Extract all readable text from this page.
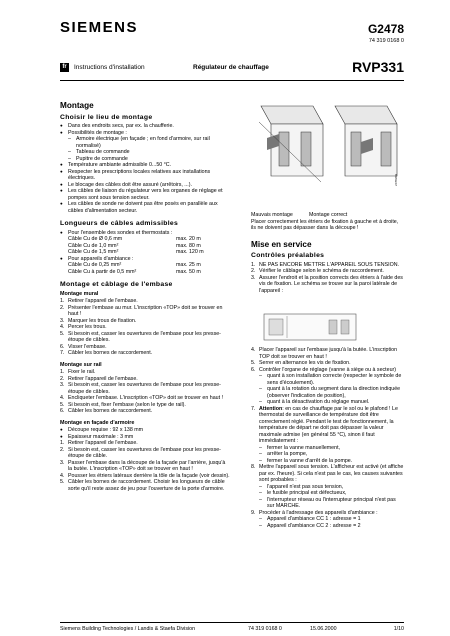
SIEMENS	G2478
74 319 0168 0
fr	Instructions d'installation	Régulateur de chauffage	RVP331
Montage
Choisir le lieu de montage
● Dans des endroits secs, par ex. la chaufferie.
● Possibilités de montage :
– Armoire électrique (en façade ; en fond d'armoire, sur rail normalisé)
– Tableau de commande
– Pupitre de commande
● Température ambiante admissible 0...50 °C.
● Respecter les prescriptions locales relatives aux installations électriques.
● Le blocage des câbles doit être assuré (arrêtoirs, ...).
● Les câbles de liaison du régulateur vers les organes de réglage et pompes sont sous tension secteur.
● Les câbles de sonde ne doivent pas être posés en parallèle aux câbles d'alimentation secteur.
Longueurs de câbles admissibles
● Pour l'ensemble des sondes et thermostats :
Câble Cu de Ø 0,6 mm	max. 20 m
Câble Cu de 1,0 mm²	max. 80 m
Câble Cu de 1,5 mm²	max. 120 m
● Pour appareils d'ambiance :
Câble Cu de 0,25 mm²	max. 25 m
Câble Cu à partir de 0,5 mm²	max. 50 m
Montage et câblage de l'embase
Montage mural
1. Retirer l'appareil de l'embase.
2. Présenter l'embase au mur. L'inscription «TOP» doit se trouver en haut !
3. Marquer les trous de fixation.
4. Percer les trous.
5. Si besoin est, casser les ouvertures de l'embase pour les presse-étoupe de câbles.
6. Visser l'embase.
7. Câbler les bornes de raccordement.
Montage sur rail
1. Fixer le rail.
2. Retirer l'appareil de l'embase.
3. Si besoin est, casser les ouvertures de l'embase pour les presse-étoupe de câbles.
4. Encliqueter l'embase. L'inscription «TOP» doit se trouver en haut !
5. Si besoin est, fixer l'embase (selon le type de rail).
6. Câbler les bornes de raccordement.
Montage en façade d'armoire
● Découpe requise : 92 x 138 mm
● Epaisseur maximale : 3 mm
1. Retirer l'appareil de l'embase.
2. Si besoin est, casser les ouvertures de l'embase pour les presse-étoupe de câble.
3. Passer l'embase dans la découpe de la façade par l'arrière, jusqu'à la butée. L'inscription «TOP» doit se trouver en haut !
4. Pousser les étriers latéraux derrière la tôle de la façade (voir dessin).
5. Câbler les bornes de raccordement. Choisir les longueurs de câble sorte qu'il reste assez de jeu pour l'ouverture de la porte d'armoire.
2478Z09
Mauvais montage	Montage correct
Placer correctement les étriers de fixation à gauche et à droite, ils ne doivent pas dépasser dans la découpe !
Mise en service
Contrôles préalables
1. NE PAS ENCORE METTRE L'APPAREIL SOUS TENSION.
2. Vérifier le câblage selon le schéma de raccordement.
3. Assurer l'endroit et la position corrects des étriers à l'aide des vis de fixation. Le schéma se trouve sur la paroi latérale de l'appareil :
4. Placer l'appareil sur l'embase jusqu'à la butée. L'inscription TOP doit se trouver en haut !
5. Serrer en alternance les vis de fixation.
6. Contrôler l'organe de réglage (vanne à siège ou à secteur)
– quant à son installation correcte (respecter le symbole de sens d'écoulement).
– quant à la rotation du segment dans la direction indiquée (observer l'indication de position),
– quant à la désactivation du réglage manuel.
7. Attention: en cas de chauffage par le sol ou le plafond ! Le thermostat de surveillance de température doit être correctement réglé. Pendant le test de fonctionnement, la température de départ ne doit pas dépasser la valeur maximale admise (en général 55 °C), sinon il faut immédiatement :
– fermer la vanne manuellement,
– arrêter la pompe,
– fermer la vanne d'arrêt de la pompe.
8. Mettre l'appareil sous tension. L'afficheur est activé (et affiche par ex. l'heure). Si cela n'est pas le cas, les causes suivantes sont probables :
– l'appareil n'est pas sous tension,
– le fusible principal est défectueux,
– l'interrupteur réseau ou l'interrupteur principal n'est pas sur MARCHE.
9. Procéder à l'adressage des appareils d'ambiance :
– Appareil d'ambiance CC 1 : adresse = 1
– Appareil d'ambiance CC 2 : adresse = 2
Siemens Building Technologies / Landis & Staefa Division	74 319 0168 0	15.06.2000	1/10
